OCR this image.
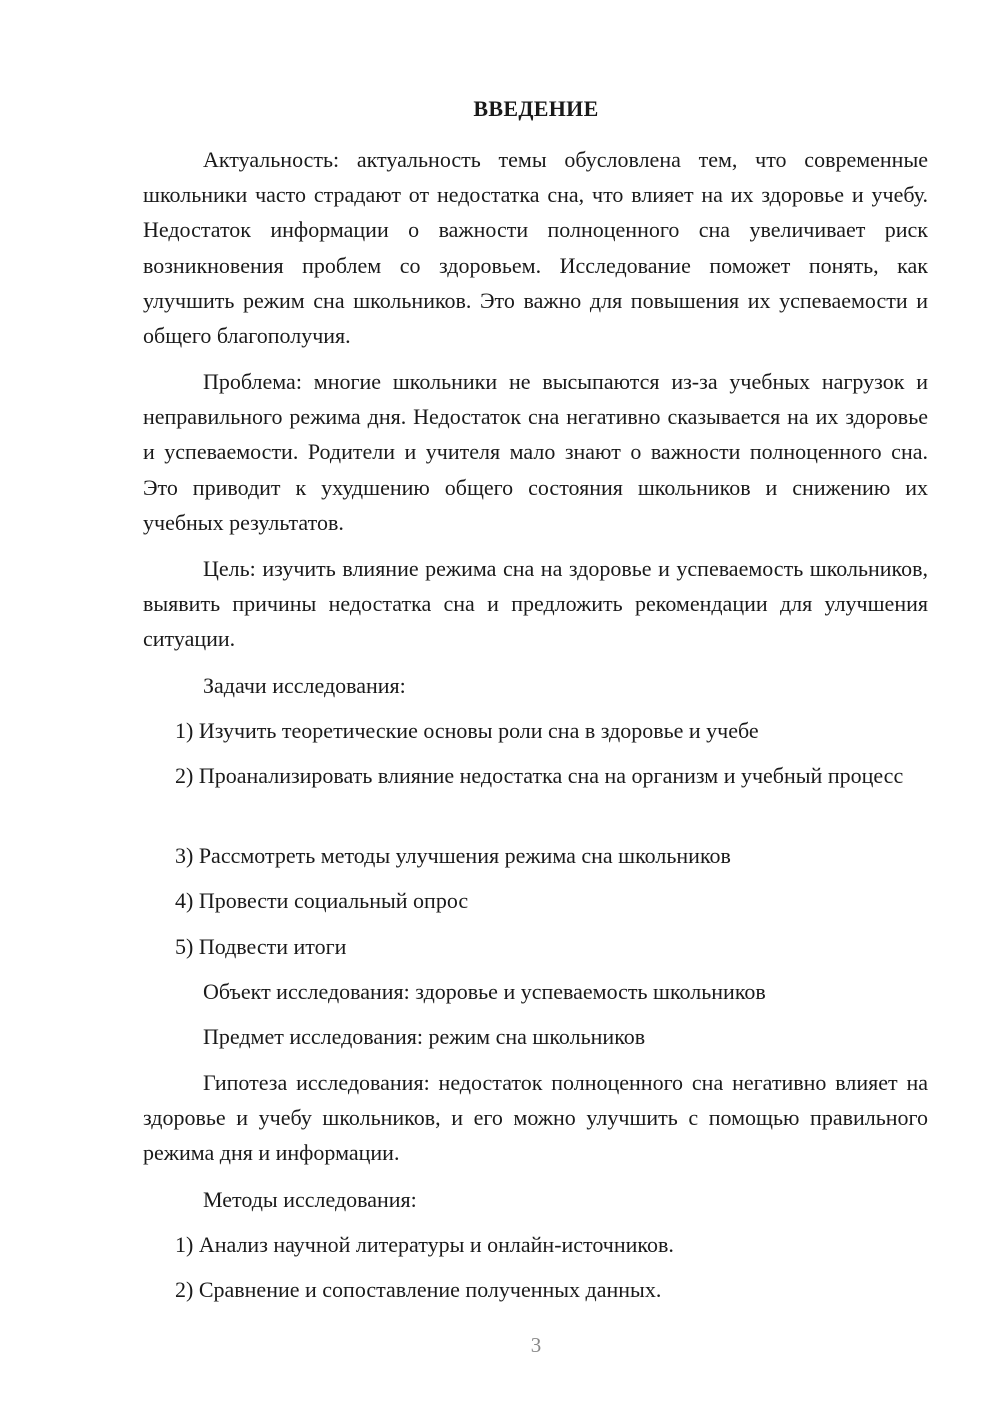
ВВЕДЕНИЕ

Актуальность: актуальность темы обусловлена тем, что современные школьники часто страдают от недостатка сна, что влияет на их здоровье и учебу. Недостаток информации о важности полноценного сна увеличивает риск возникновения проблем со здоровьем. Исследование поможет понять, как улучшить режим сна школьников. Это важно для повышения их успеваемости и общего благополучия.

Проблема: многие школьники не высыпаются из-за учебных нагрузок и неправильного режима дня. Недостаток сна негативно сказывается на их здоровье и успеваемости. Родители и учителя мало знают о важности полноценного сна. Это приводит к ухудшению общего состояния школьников и снижению их учебных результатов.

Цель: изучить влияние режима сна на здоровье и успеваемость школьников, выявить причины недостатка сна и предложить рекомендации для улучшения ситуации.

Задачи исследования:

1) Изучить теоретические основы роли сна в здоровье и учебе

2) Проанализировать влияние недостатка сна на организм и учебный процесс

3) Рассмотреть методы улучшения режима сна школьников

4) Провести социальный опрос

5) Подвести итоги

Объект исследования: здоровье и успеваемость школьников

Предмет исследования: режим сна школьников

Гипотеза исследования: недостаток полноценного сна негативно влияет на здоровье и учебу школьников, и его можно улучшить с помощью правильного режима дня и информации.

Методы исследования:

1) Анализ научной литературы и онлайн-источников.

2) Сравнение и сопоставление полученных данных.

3
